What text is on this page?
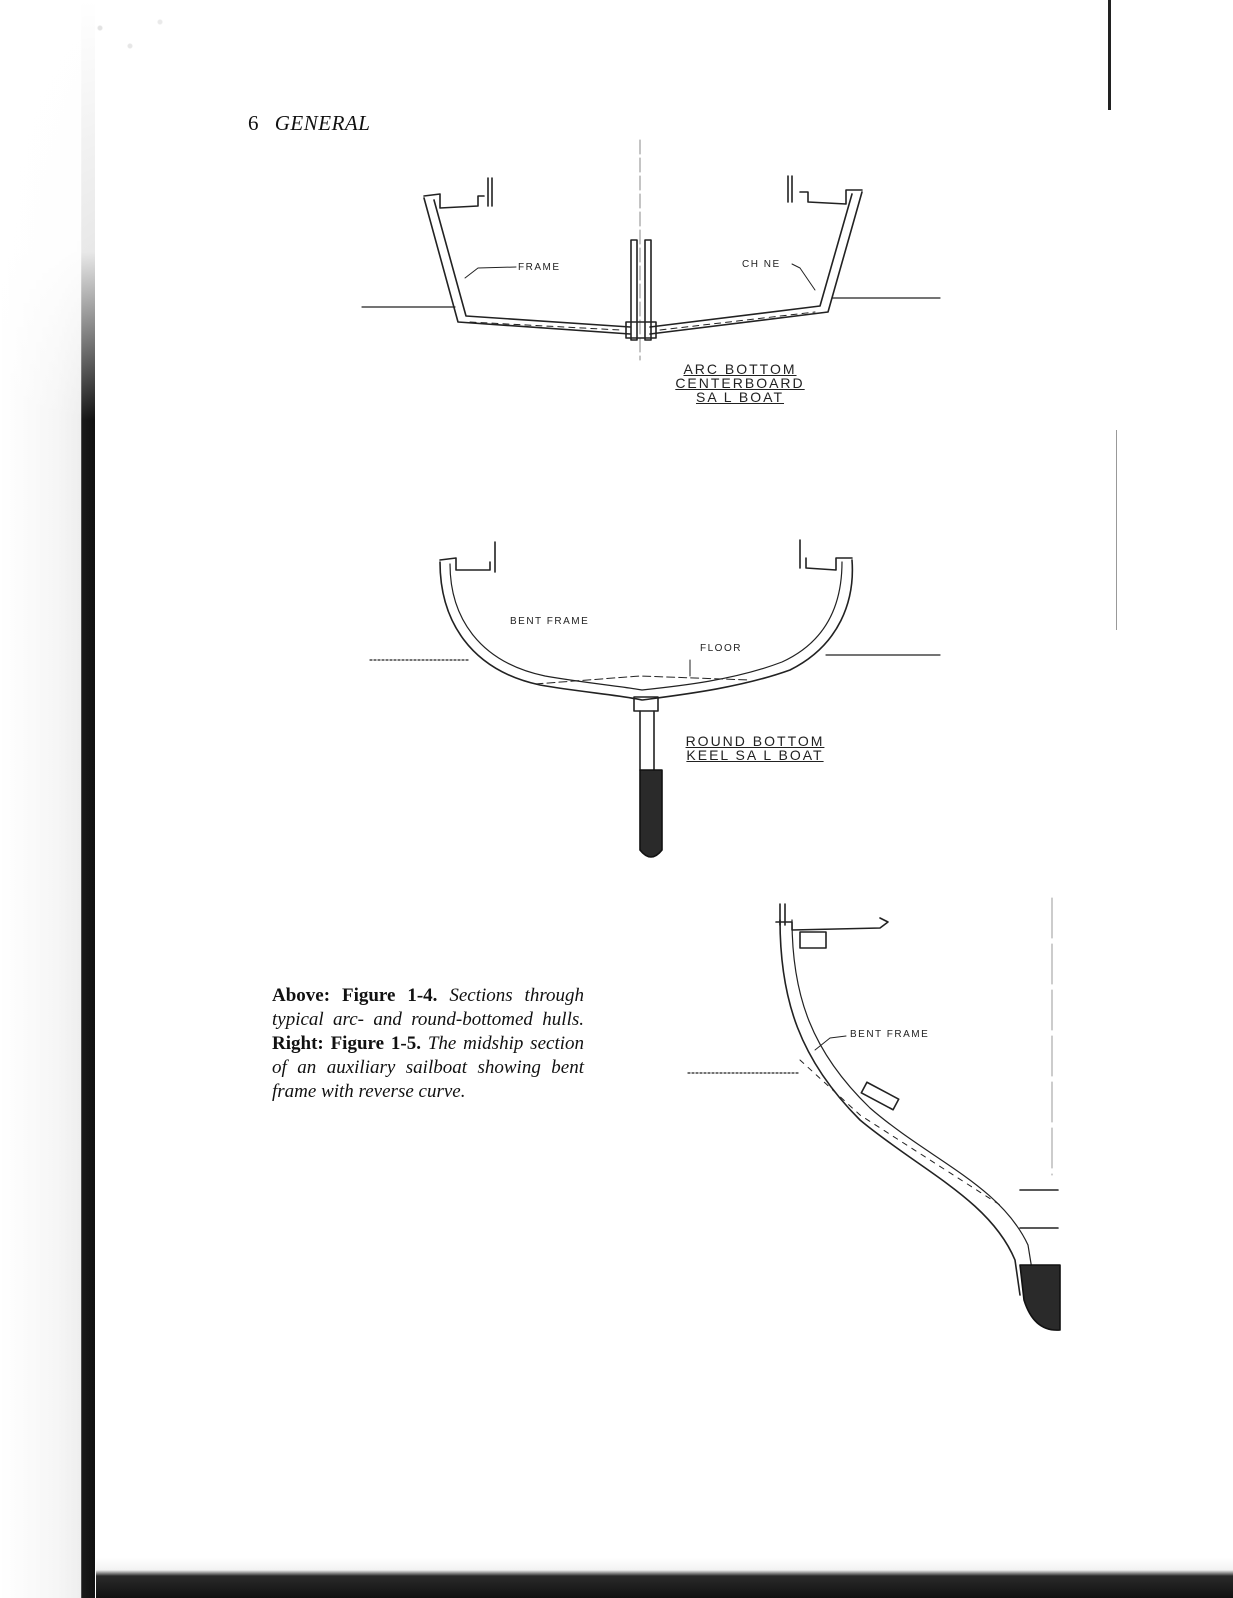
6 GENERAL
FRAME	CH NE
ARC BOTTOM
CENTERBOARD
SA L BOAT
BENT FRAME
FLOOR
ROUND BOTTOM
KEEL SA L BOAT
BENT FRAME
Above: Figure 1-4. Sections through typical arc- and round-bottomed hulls. Right: Figure 1-5. The midship section of an auxiliary sailboat showing bent frame with reverse curve.
